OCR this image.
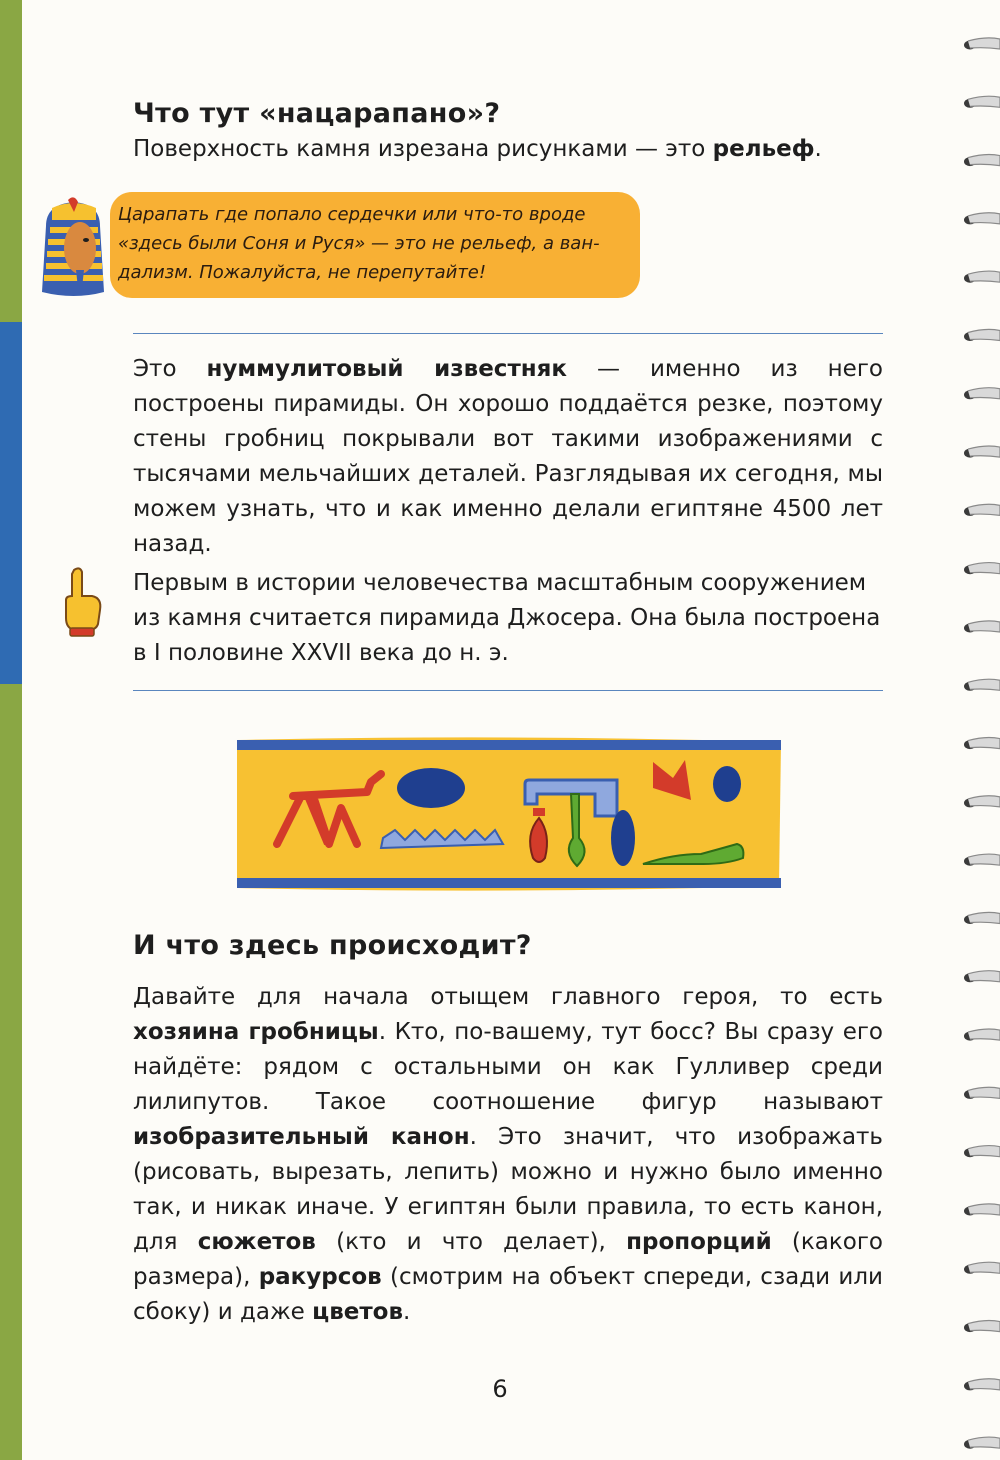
Что тут «нацарапано»?

Поверхность камня изрезана рисунками — это рельеф.

Царапать где попало сердечки или что-то вроде
«здесь были Соня и Руся» — это не рельеф, а ван-
дализм. Пожалуйста, не перепутайте!

Это нуммулитовый известняк — именно из него построены пирамиды. Он хорошо поддаётся резке, поэтому стены гробниц покрывали вот такими изображениями с тысячами мельчайших деталей. Разглядывая их сегодня, мы можем узнать, что и как именно делали египтяне 4500 лет назад.

Первым в истории человечества масштабным сооружением из камня считается пирамида Джосера. Она была построена в I половине XXVII века до н. э.

И что здесь происходит?

Давайте для начала отыщем главного героя, то есть хозяина гробницы. Кто, по-вашему, тут босс? Вы сразу его найдёте: рядом с остальными он как Гулливер среди лилипутов. Такое соотношение фигур называют изобразительный канон. Это значит, что изображать (рисовать, вырезать, лепить) можно и нужно было именно так, и никак иначе. У египтян были правила, то есть канон, для сюжетов (кто и что делает), пропорций (какого размера), ракурсов (смотрим на объект спереди, сзади или сбоку) и даже цветов.

6
